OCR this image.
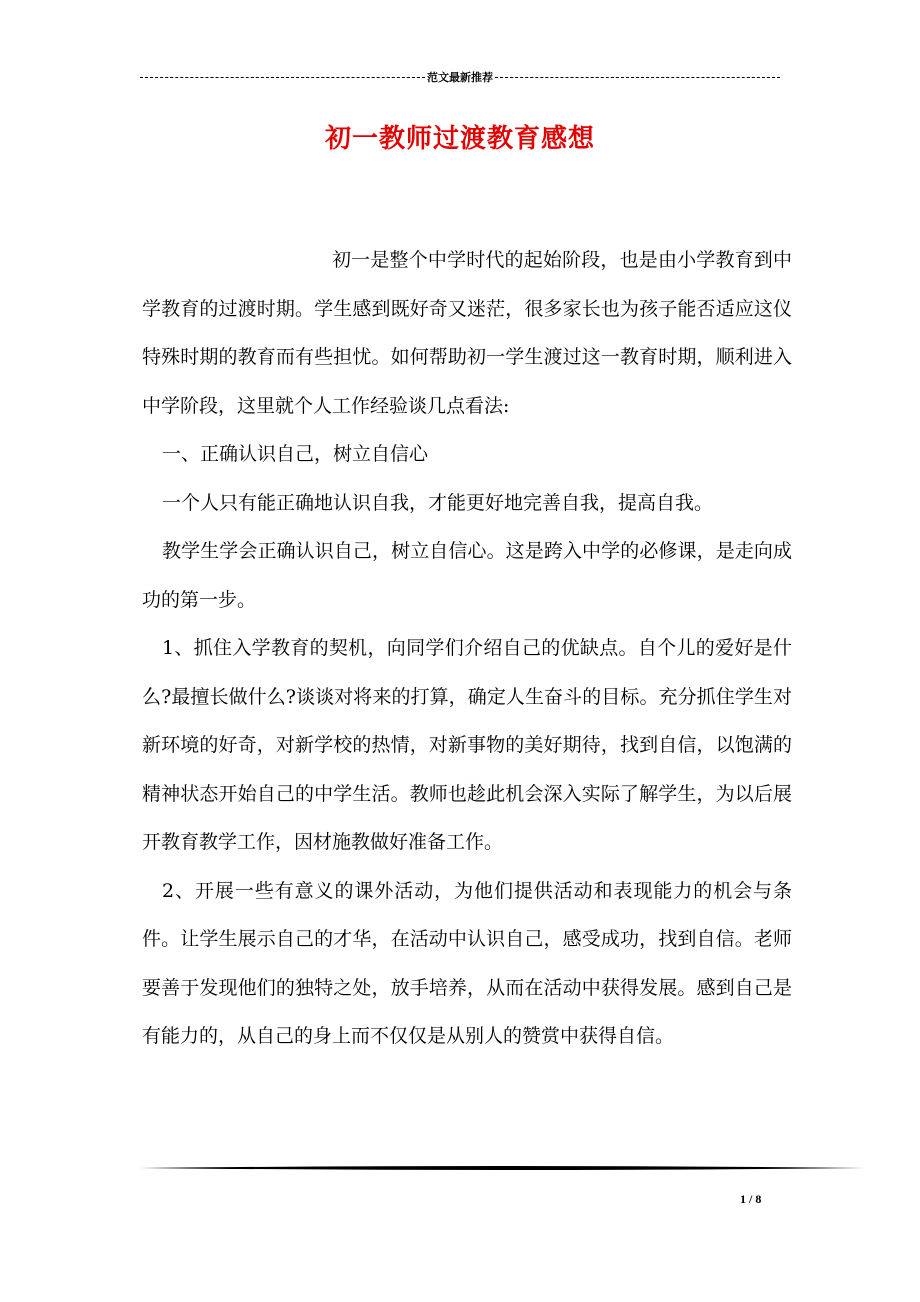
范文最新推荐
初一教师过渡教育感想

初一是整个中学时代的起始阶段，也是由小学教育到中学教育的过渡时期。学生感到既好奇又迷茫，很多家长也为孩子能否适应这仪特殊时期的教育而有些担忧。如何帮助初一学生渡过这一教育时期，顺利进入中学阶段，这里就个人工作经验谈几点看法:

一、正确认识自己，树立自信心

一个人只有能正确地认识自我，才能更好地完善自我，提高自我。

教学生学会正确认识自己，树立自信心。这是跨入中学的必修课，是走向成功的第一步。

1、抓住入学教育的契机，向同学们介绍自己的优缺点。自个儿的爱好是什么?最擅长做什么?谈谈对将来的打算，确定人生奋斗的目标。充分抓住学生对新环境的好奇，对新学校的热情，对新事物的美好期待，找到自信，以饱满的精神状态开始自己的中学生活。教师也趁此机会深入实际了解学生，为以后展开教育教学工作，因材施教做好准备工作。

2、开展一些有意义的课外活动，为他们提供活动和表现能力的机会与条件。让学生展示自己的才华，在活动中认识自己，感受成功，找到自信。老师要善于发现他们的独特之处，放手培养，从而在活动中获得发展。感到自己是有能力的，从自己的身上而不仅仅是从别人的赞赏中获得自信。

1 / 8
